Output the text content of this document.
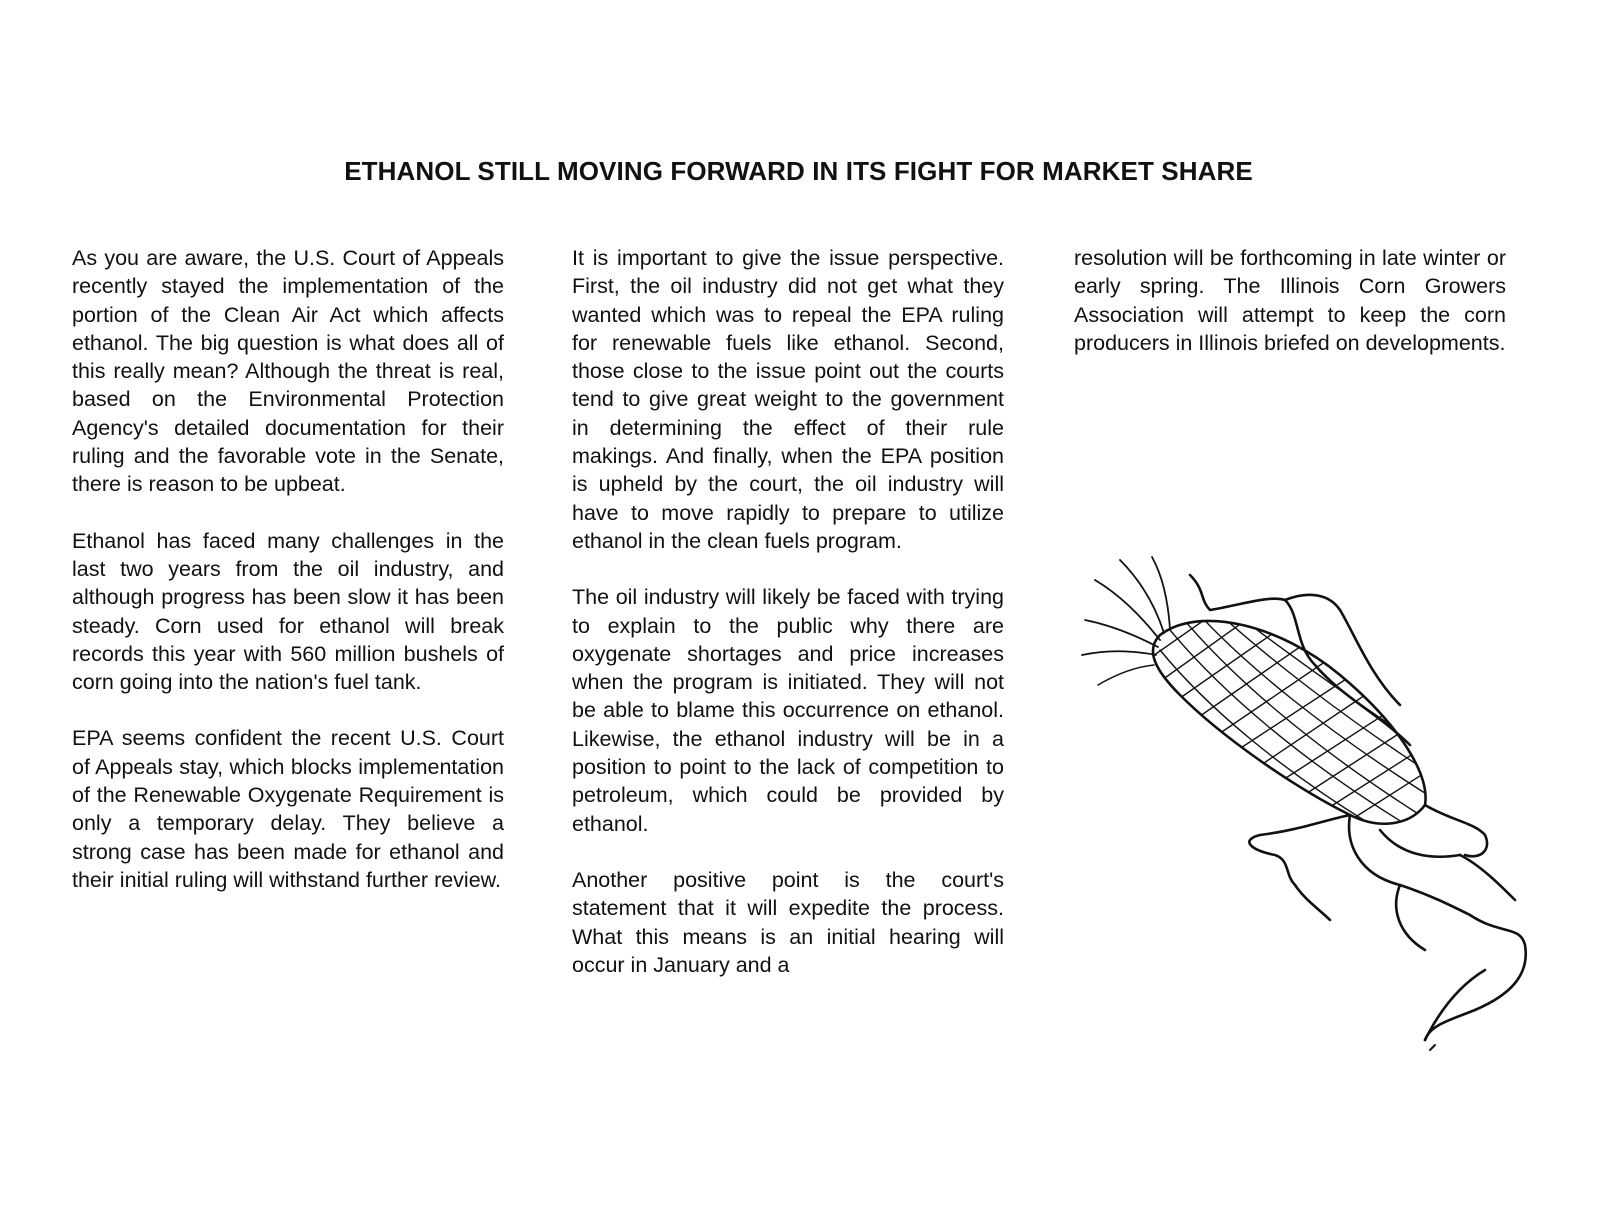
ETHANOL STILL MOVING FORWARD IN ITS FIGHT FOR MARKET SHARE

As you are aware, the U.S. Court of Appeals recently stayed the implementation of the portion of the Clean Air Act which affects ethanol. The big question is what does all of this really mean? Although the threat is real, based on the Environmental Protection Agency's detailed documentation for their ruling and the favorable vote in the Senate, there is reason to be upbeat.

Ethanol has faced many challenges in the last two years from the oil industry, and although progress has been slow it has been steady. Corn used for ethanol will break records this year with 560 million bushels of corn going into the nation's fuel tank.

EPA seems confident the recent U.S. Court of Appeals stay, which blocks implementation of the Renewable Oxygenate Requirement is only a temporary delay. They believe a strong case has been made for ethanol and their initial ruling will withstand further review.

It is important to give the issue perspective. First, the oil industry did not get what they wanted which was to repeal the EPA ruling for renewable fuels like ethanol. Second, those close to the issue point out the courts tend to give great weight to the government in determining the effect of their rule makings. And finally, when the EPA position is upheld by the court, the oil industry will have to move rapidly to prepare to utilize ethanol in the clean fuels program.

The oil industry will likely be faced with trying to explain to the public why there are oxygenate shortages and price increases when the program is initiated. They will not be able to blame this occurrence on ethanol. Likewise, the ethanol industry will be in a position to point to the lack of competition to petroleum, which could be provided by ethanol.

Another positive point is the court's statement that it will expedite the process. What this means is an initial hearing will occur in January and a

resolution will be forthcoming in late winter or early spring. The Illinois Corn Growers Association will attempt to keep the corn producers in Illinois briefed on developments.
